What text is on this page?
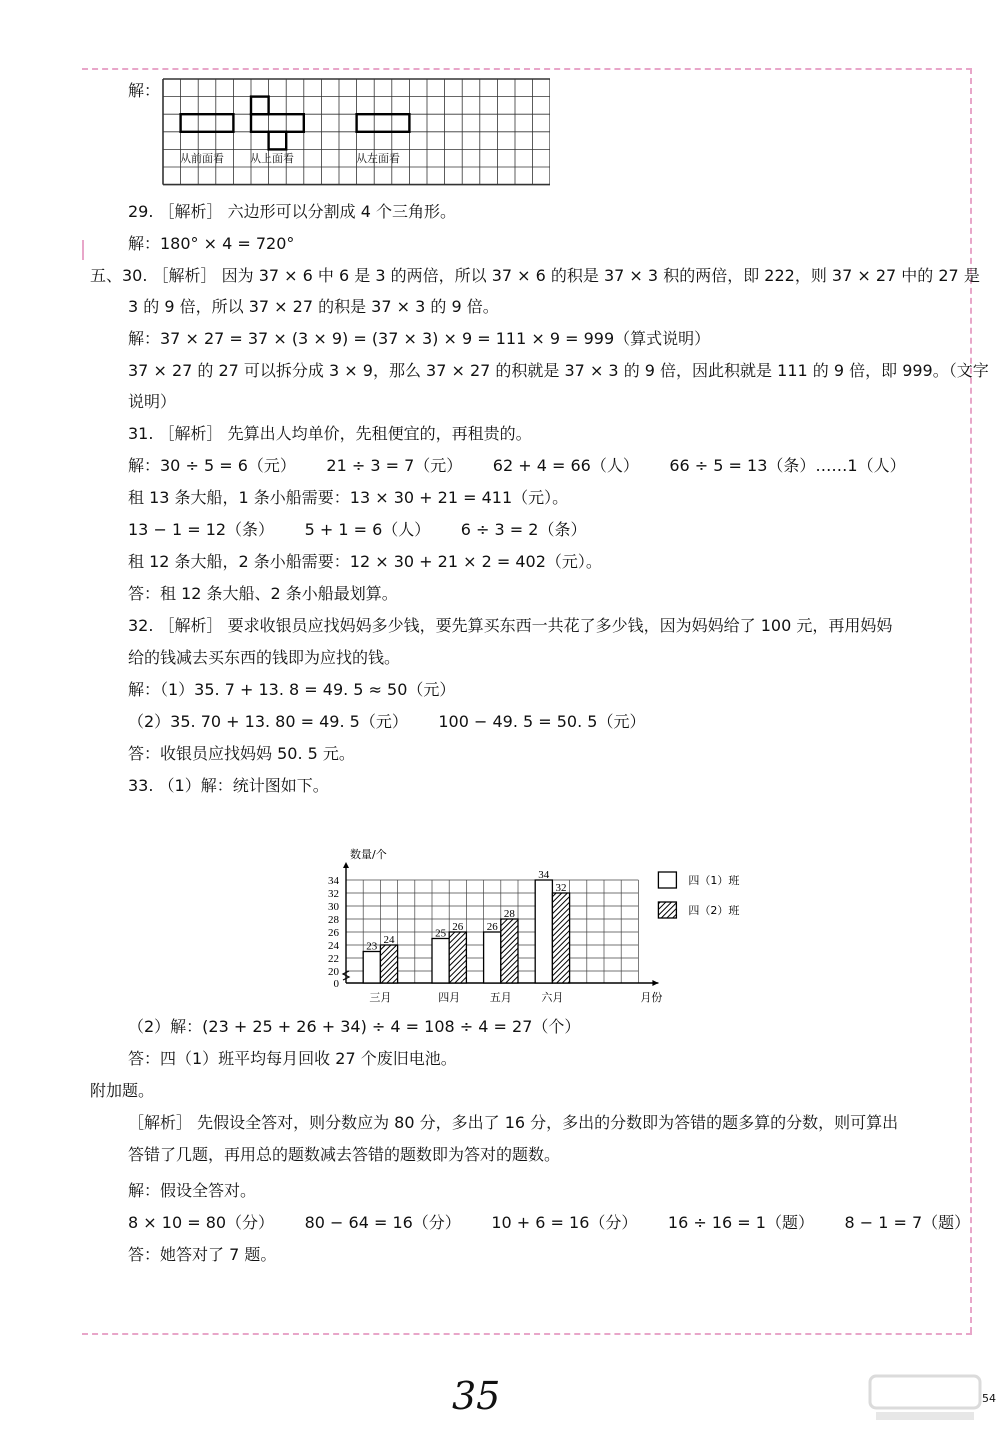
解：
从前面看 从上面看	从左面看
29. ［解析］ 六边形可以分割成 4 个三角形。
解：180° × 4 = 720°
五、30. ［解析］ 因为 37 × 6 中 6 是 3 的两倍，所以 37 × 6 的积是 37 × 3 积的两倍，即 222，则 37 × 27 中的 27 是
3 的 9 倍，所以 37 × 27 的积是 37 × 3 的 9 倍。
解：37 × 27 = 37 × (3 × 9) = (37 × 3) × 9 = 111 × 9 = 999（算式说明）
37 × 27 的 27 可以拆分成 3 × 9，那么 37 × 27 的积就是 37 × 3 的 9 倍，因此积就是 111 的 9 倍，即 999。（文字
说明）
31. ［解析］ 先算出人均单价，先租便宜的，再租贵的。
解：30 ÷ 5 = 6（元）      21 ÷ 3 = 7（元）      62 + 4 = 66（人）      66 ÷ 5 = 13（条）……1（人）
租 13 条大船，1 条小船需要：13 × 30 + 21 = 411（元）。
13 − 1 = 12（条）      5 + 1 = 6（人）      6 ÷ 3 = 2（条）
租 12 条大船，2 条小船需要：12 × 30 + 21 × 2 = 402（元）。
答：租 12 条大船、2 条小船最划算。
32. ［解析］ 要求收银员应找妈妈多少钱，要先算买东西一共花了多少钱，因为妈妈给了 100 元，再用妈妈
给的钱减去买东西的钱即为应找的钱。
解：（1）35. 7 + 13. 8 = 49. 5 ≈ 50（元）
（2）35. 70 + 13. 80 = 49. 5（元）      100 − 49. 5 = 50. 5（元）
答：收银员应找妈妈 50. 5 元。
33. （1）解：统计图如下。
0
20
22
24
26
28
30
32
34
数量/个
月份
三月
23
24
四月
25
26
五月
26
28
六月
34
32
四（1）班
四（2）班
（2）解：(23 + 25 + 26 + 34) ÷ 4 = 108 ÷ 4 = 27（个）
答：四（1）班平均每月回收 27 个废旧电池。
附加题。
［解析］ 先假设全答对，则分数应为 80 分，多出了 16 分，多出的分数即为答错的题多算的分数，则可算出
答错了几题，再用总的题数减去答错的题数即为答对的题数。
解：假设全答对。
8 × 10 = 80（分）      80 − 64 = 16（分）      10 + 6 = 16（分）      16 ÷ 16 = 1（题）      8 − 1 = 7（题）
答：她答对了 7 题。
35	54
